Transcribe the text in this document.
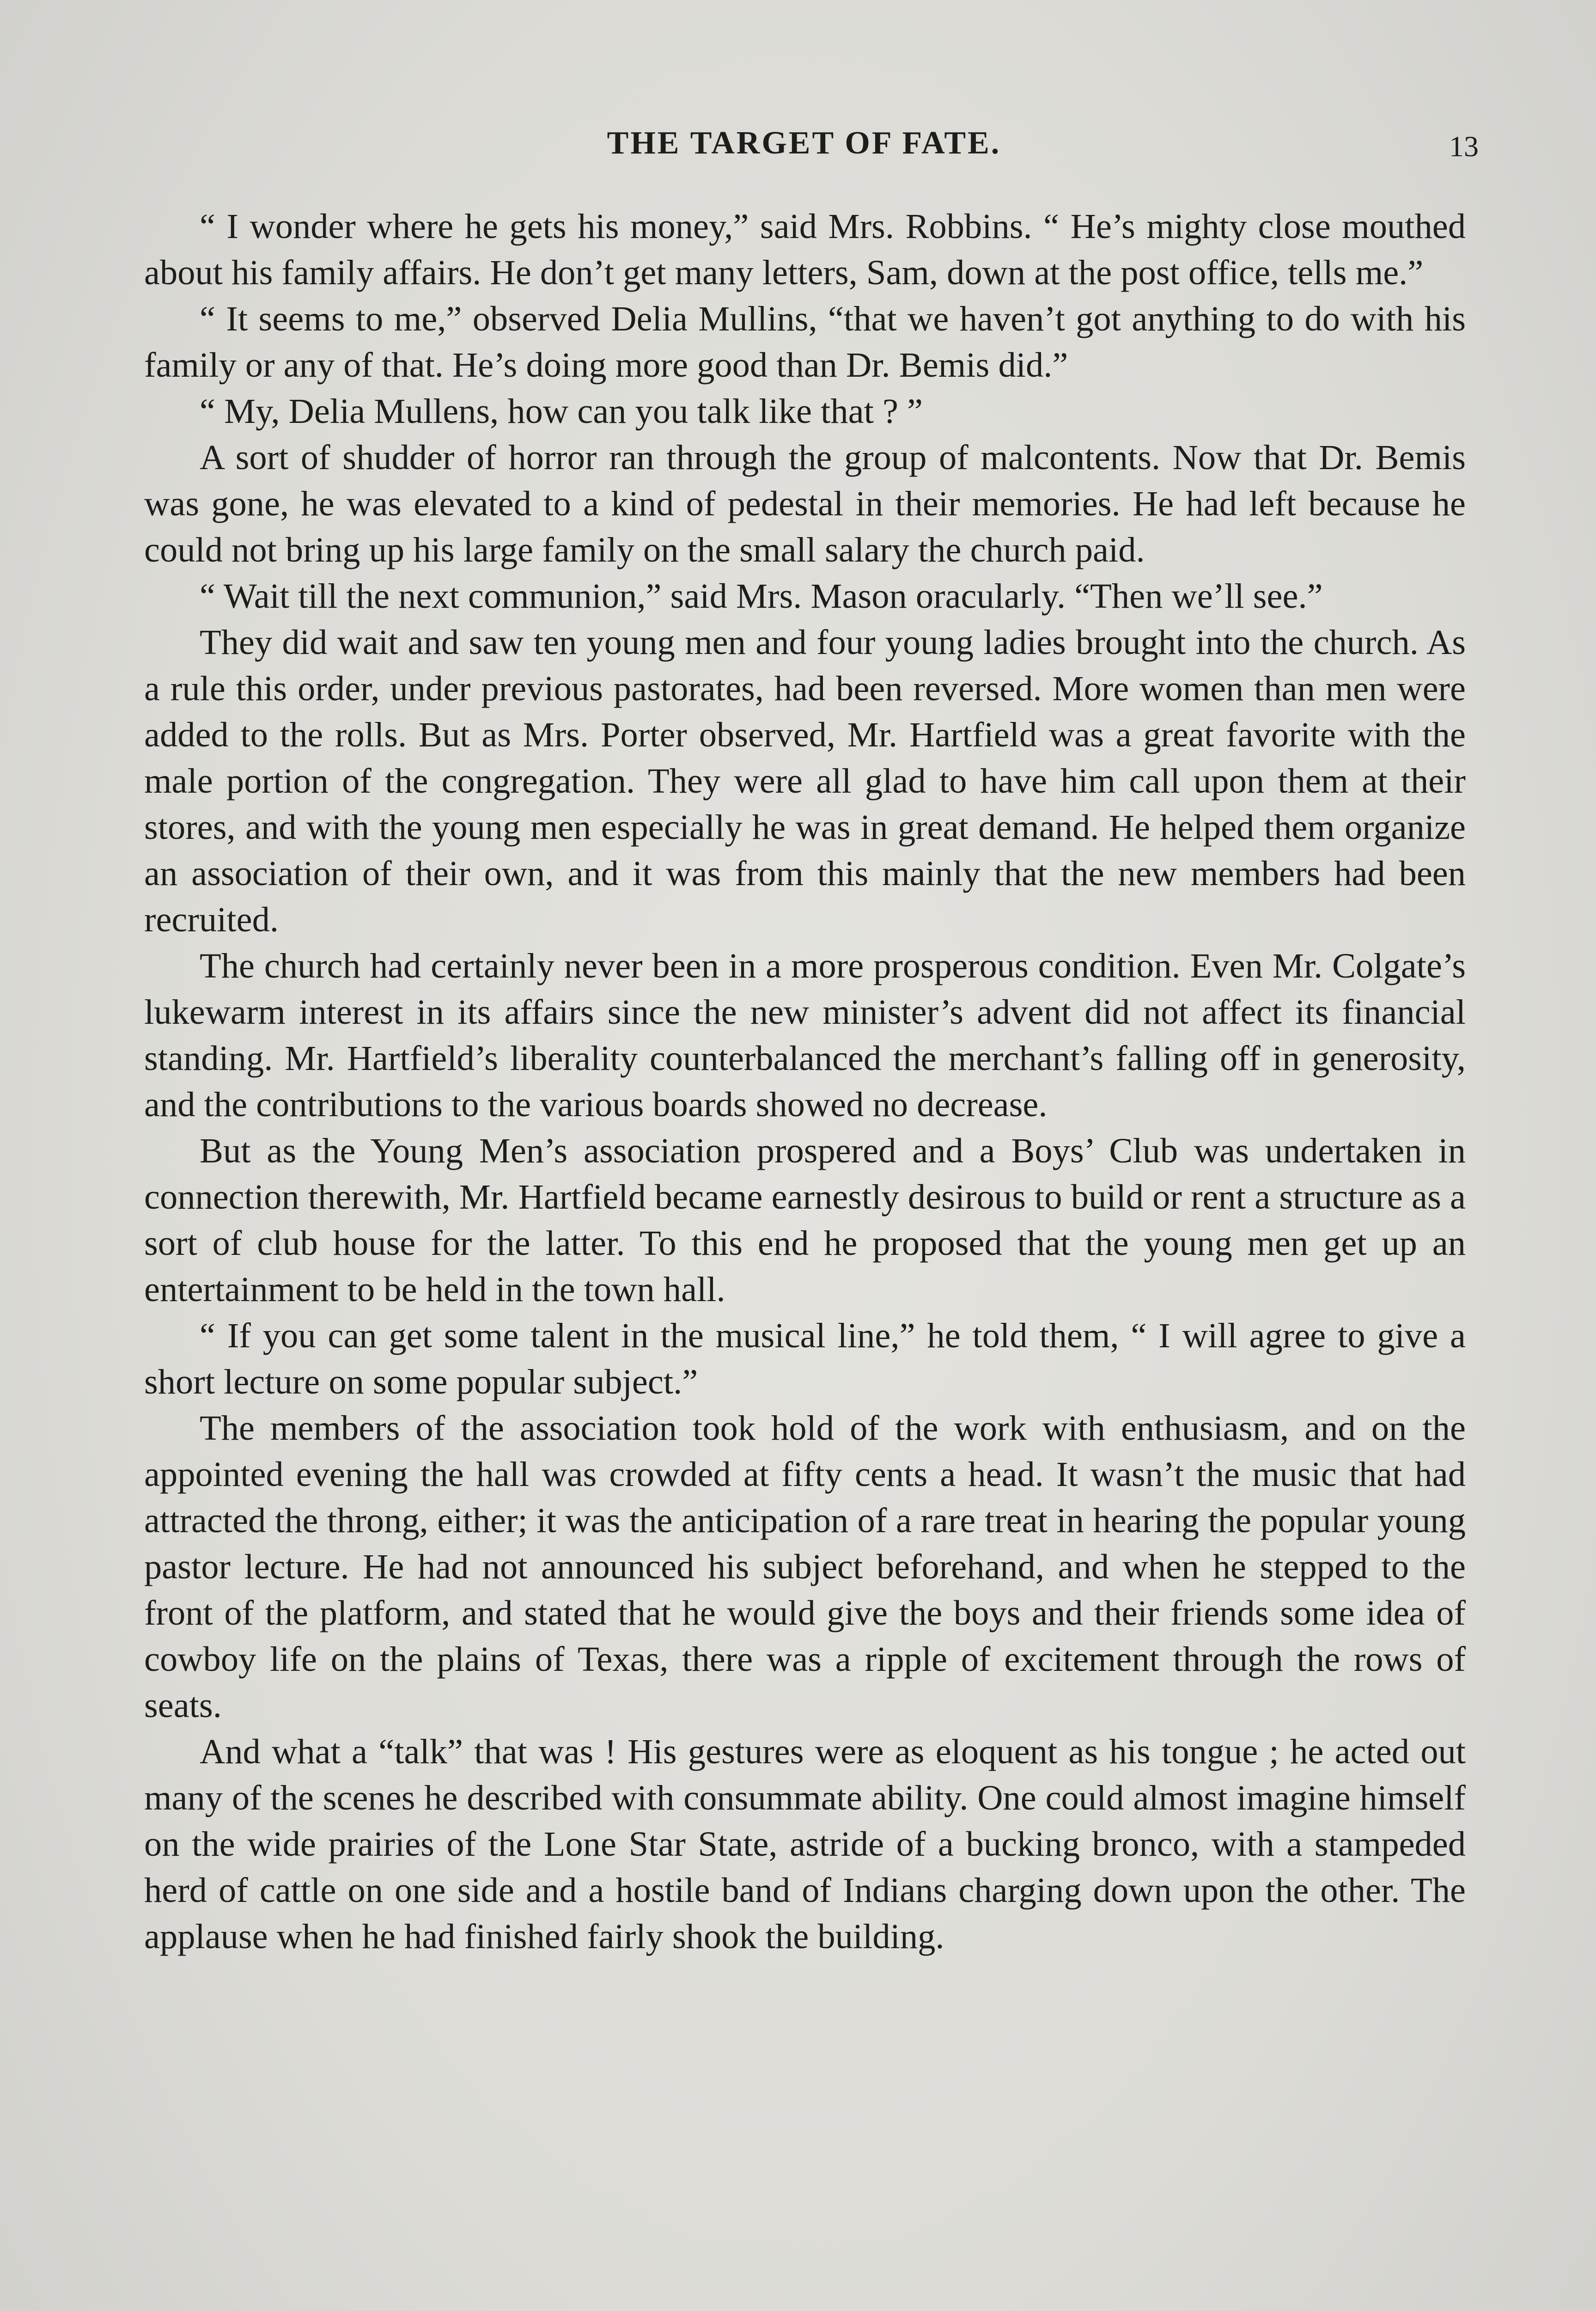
THE TARGET OF FATE.	13

“ I wonder where he gets his money,” said Mrs. Robbins. “ He’s mighty close mouthed about his family affairs. He don’t get many letters, Sam, down at the post office, tells me.”

“ It seems to me,” observed Delia Mullins, “that we haven’t got anything to do with his family or any of that. He’s doing more good than Dr. Bemis did.”

“ My, Delia Mullens, how can you talk like that ? ”

A sort of shudder of horror ran through the group of malcontents. Now that Dr. Bemis was gone, he was elevated to a kind of pedestal in their memories. He had left because he could not bring up his large family on the small salary the church paid.

“ Wait till the next communion,” said Mrs. Mason oracularly. “Then we’ll see.”

They did wait and saw ten young men and four young ladies brought into the church. As a rule this order, under previous pastorates, had been reversed. More women than men were added to the rolls. But as Mrs. Porter observed, Mr. Hartfield was a great favorite with the male portion of the congregation. They were all glad to have him call upon them at their stores, and with the young men especially he was in great demand. He helped them organize an association of their own, and it was from this mainly that the new members had been recruited.

The church had certainly never been in a more prosperous condition. Even Mr. Colgate’s lukewarm interest in its affairs since the new minister’s advent did not affect its financial standing. Mr. Hartfield’s liberality counterbalanced the merchant’s falling off in generosity, and the contributions to the various boards showed no decrease.

But as the Young Men’s association prospered and a Boys’ Club was undertaken in connection therewith, Mr. Hartfield became earnestly desirous to build or rent a structure as a sort of club house for the latter. To this end he proposed that the young men get up an entertainment to be held in the town hall.

“ If you can get some talent in the musical line,” he told them, “ I will agree to give a short lecture on some popular subject.”

The members of the association took hold of the work with enthusiasm, and on the appointed evening the hall was crowded at fifty cents a head. It wasn’t the music that had attracted the throng, either; it was the anticipation of a rare treat in hearing the popular young pastor lecture. He had not announced his subject beforehand, and when he stepped to the front of the platform, and stated that he would give the boys and their friends some idea of cowboy life on the plains of Texas, there was a ripple of excitement through the rows of seats.

And what a “talk” that was ! His gestures were as eloquent as his tongue ; he acted out many of the scenes he described with consummate ability. One could almost imagine himself on the wide prairies of the Lone Star State, astride of a bucking bronco, with a stampeded herd of cattle on one side and a hostile band of Indians charging down upon the other. The applause when he had finished fairly shook the building.
